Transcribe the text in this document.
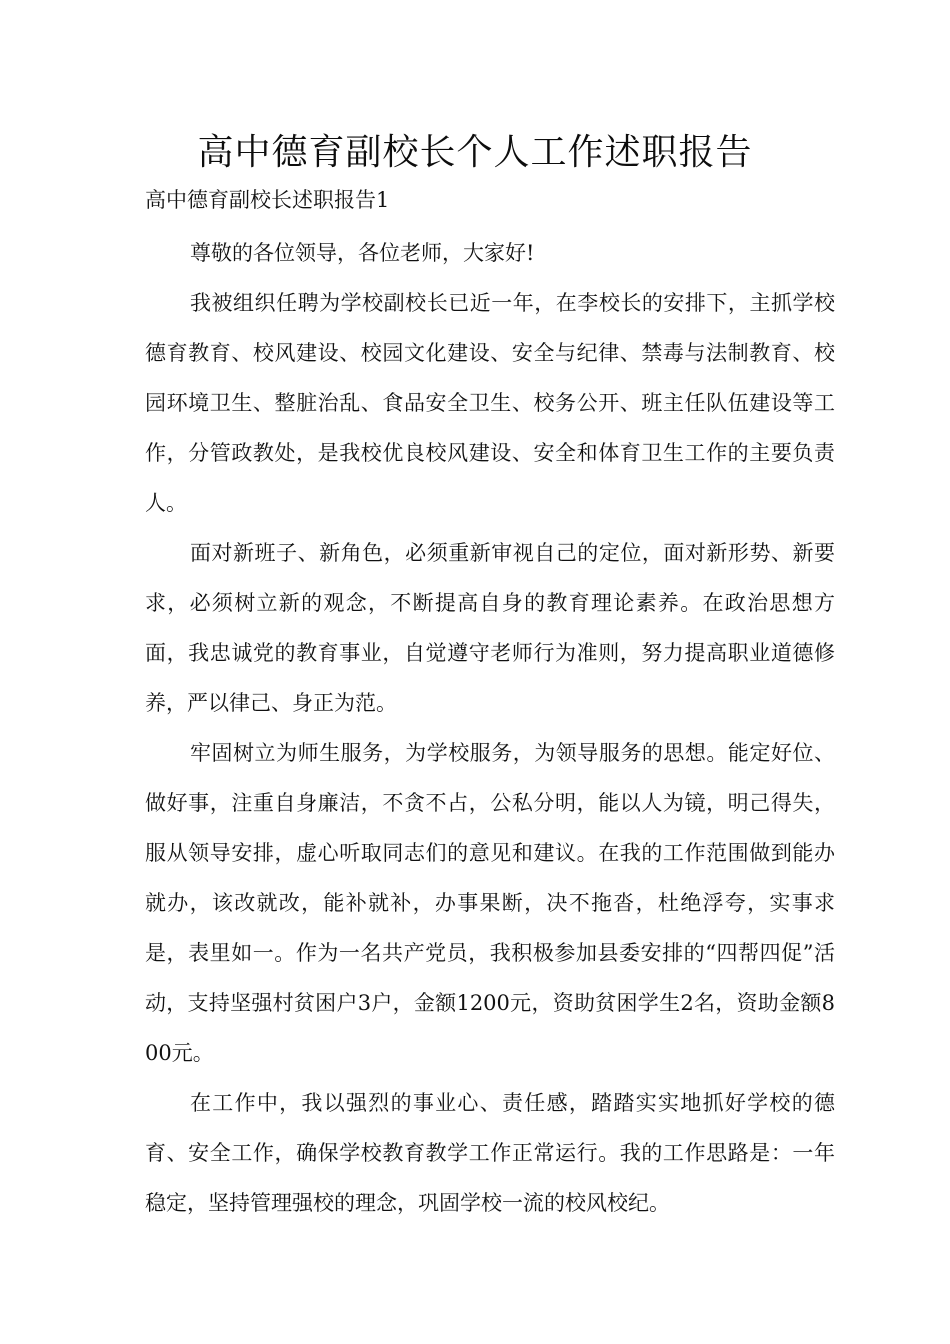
高中德育副校长个人工作述职报告

高中德育副校长述职报告1

尊敬的各位领导，各位老师，大家好!

我被组织任聘为学校副校长已近一年，在李校长的安排下，主抓学校德育教育、校风建设、校园文化建设、安全与纪律、禁毒与法制教育、校园环境卫生、整脏治乱、食品安全卫生、校务公开、班主任队伍建设等工作，分管政教处，是我校优良校风建设、安全和体育卫生工作的主要负责人。

面对新班子、新角色，必须重新审视自己的定位，面对新形势、新要求，必须树立新的观念，不断提高自身的教育理论素养。在政治思想方面，我忠诚党的教育事业，自觉遵守老师行为准则，努力提高职业道德修养，严以律己、身正为范。

牢固树立为师生服务，为学校服务，为领导服务的思想。能定好位、做好事，注重自身廉洁，不贪不占，公私分明，能以人为镜，明己得失，服从领导安排，虚心听取同志们的意见和建议。在我的工作范围做到能办就办，该改就改，能补就补，办事果断，决不拖沓，杜绝浮夸，实事求是，表里如一。作为一名共产党员，我积极参加县委安排的“四帮四促”活动，支持坚强村贫困户3户，金额1200元，资助贫困学生2名，资助金额800元。

在工作中，我以强烈的事业心、责任感，踏踏实实地抓好学校的德育、安全工作，确保学校教育教学工作正常运行。我的工作思路是：一年稳定，坚持管理强校的理念，巩固学校一流的校风校纪。
